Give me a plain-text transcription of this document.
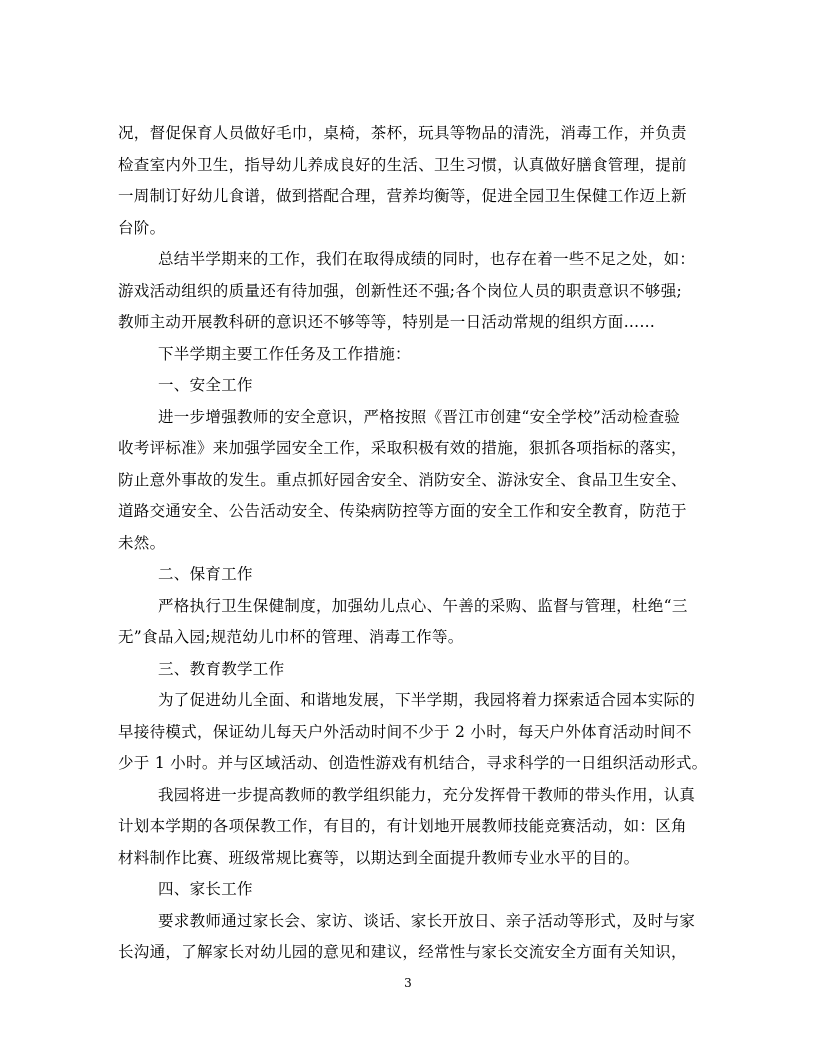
况，督促保育人员做好毛巾，桌椅，茶杯，玩具等物品的清洗，消毒工作，并负责
检查室内外卫生，指导幼儿养成良好的生活、卫生习惯，认真做好膳食管理，提前
一周制订好幼儿食谱，做到搭配合理，营养均衡等，促进全园卫生保健工作迈上新
台阶。
总结半学期来的工作，我们在取得成绩的同时，也存在着一些不足之处，如：
游戏活动组织的质量还有待加强，创新性还不强;各个岗位人员的职责意识不够强;
教师主动开展教科研的意识还不够等等，特别是一日活动常规的组织方面……
下半学期主要工作任务及工作措施：
一、安全工作
进一步增强教师的安全意识，严格按照《晋江市创建“安全学校”活动检查验
收考评标准》来加强学园安全工作，采取积极有效的措施，狠抓各项指标的落实，
防止意外事故的发生。重点抓好园舍安全、消防安全、游泳安全、食品卫生安全、
道路交通安全、公告活动安全、传染病防控等方面的安全工作和安全教育，防范于
未然。
二、保育工作
严格执行卫生保健制度，加强幼儿点心、午善的采购、监督与管理，杜绝“三
无”食品入园;规范幼儿巾杯的管理、消毒工作等。
三、教育教学工作
为了促进幼儿全面、和谐地发展，下半学期，我园将着力探索适合园本实际的
早接待模式，保证幼儿每天户外活动时间不少于 2 小时，每天户外体育活动时间不
少于 1 小时。并与区域活动、创造性游戏有机结合，寻求科学的一日组织活动形式。
我园将进一步提高教师的教学组织能力，充分发挥骨干教师的带头作用，认真
计划本学期的各项保教工作，有目的，有计划地开展教师技能竞赛活动，如：区角
材料制作比赛、班级常规比赛等，以期达到全面提升教师专业水平的目的。
四、家长工作
要求教师通过家长会、家访、谈话、家长开放日、亲子活动等形式，及时与家
长沟通，了解家长对幼儿园的意见和建议，经常性与家长交流安全方面有关知识，
3
